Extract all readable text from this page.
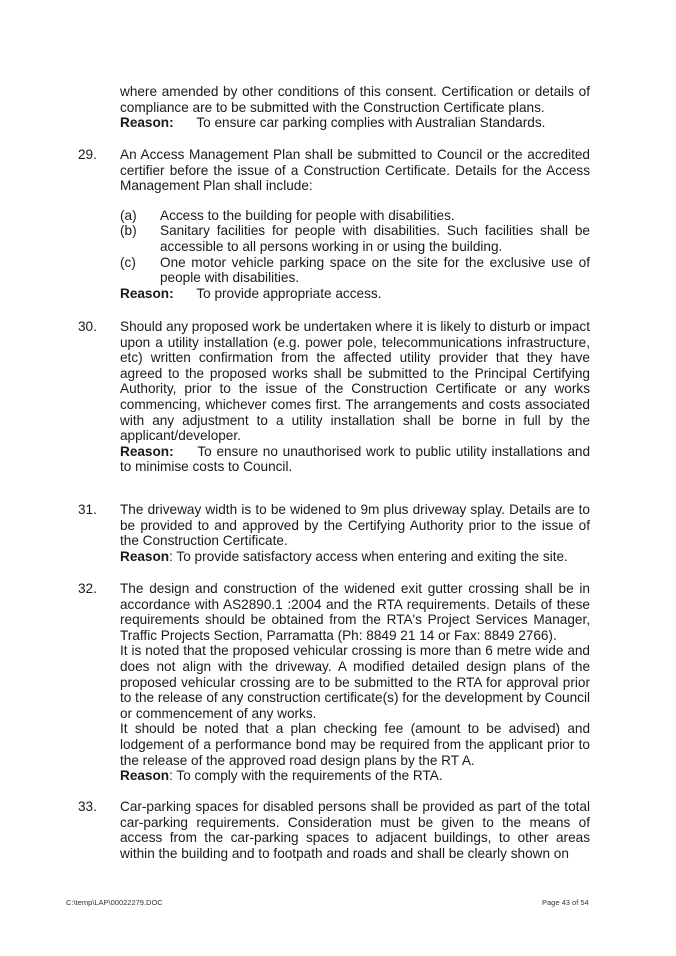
where amended by other conditions of this consent. Certification or details of compliance are to be submitted with the Construction Certificate plans.
Reason: To ensure car parking complies with Australian Standards.
29. An Access Management Plan shall be submitted to Council or the accredited certifier before the issue of a Construction Certificate. Details for the Access Management Plan shall include:
(a) Access to the building for people with disabilities.
(b) Sanitary facilities for people with disabilities. Such facilities shall be accessible to all persons working in or using the building.
(c) One motor vehicle parking space on the site for the exclusive use of people with disabilities.
Reason: To provide appropriate access.
30. Should any proposed work be undertaken where it is likely to disturb or impact upon a utility installation (e.g. power pole, telecommunications infrastructure, etc) written confirmation from the affected utility provider that they have agreed to the proposed works shall be submitted to the Principal Certifying Authority, prior to the issue of the Construction Certificate or any works commencing, whichever comes first. The arrangements and costs associated with any adjustment to a utility installation shall be borne in full by the applicant/developer.
Reason: To ensure no unauthorised work to public utility installations and to minimise costs to Council.
31. The driveway width is to be widened to 9m plus driveway splay. Details are to be provided to and approved by the Certifying Authority prior to the issue of the Construction Certificate.
Reason: To provide satisfactory access when entering and exiting the site.
32. The design and construction of the widened exit gutter crossing shall be in accordance with AS2890.1 :2004 and the RTA requirements. Details of these requirements should be obtained from the RTA's Project Services Manager, Traffic Projects Section, Parramatta (Ph: 8849 21 14 or Fax: 8849 2766).
It is noted that the proposed vehicular crossing is more than 6 metre wide and does not align with the driveway. A modified detailed design plans of the proposed vehicular crossing are to be submitted to the RTA for approval prior to the release of any construction certificate(s) for the development by Council or commencement of any works.
It should be noted that a plan checking fee (amount to be advised) and lodgement of a performance bond may be required from the applicant prior to the release of the approved road design plans by the RT A.
Reason: To comply with the requirements of the RTA.
33. Car-parking spaces for disabled persons shall be provided as part of the total car-parking requirements. Consideration must be given to the means of access from the car-parking spaces to adjacent buildings, to other areas within the building and to footpath and roads and shall be clearly shown on
C:\temp\LAP\00022279.DOC	Page 43 of 54
